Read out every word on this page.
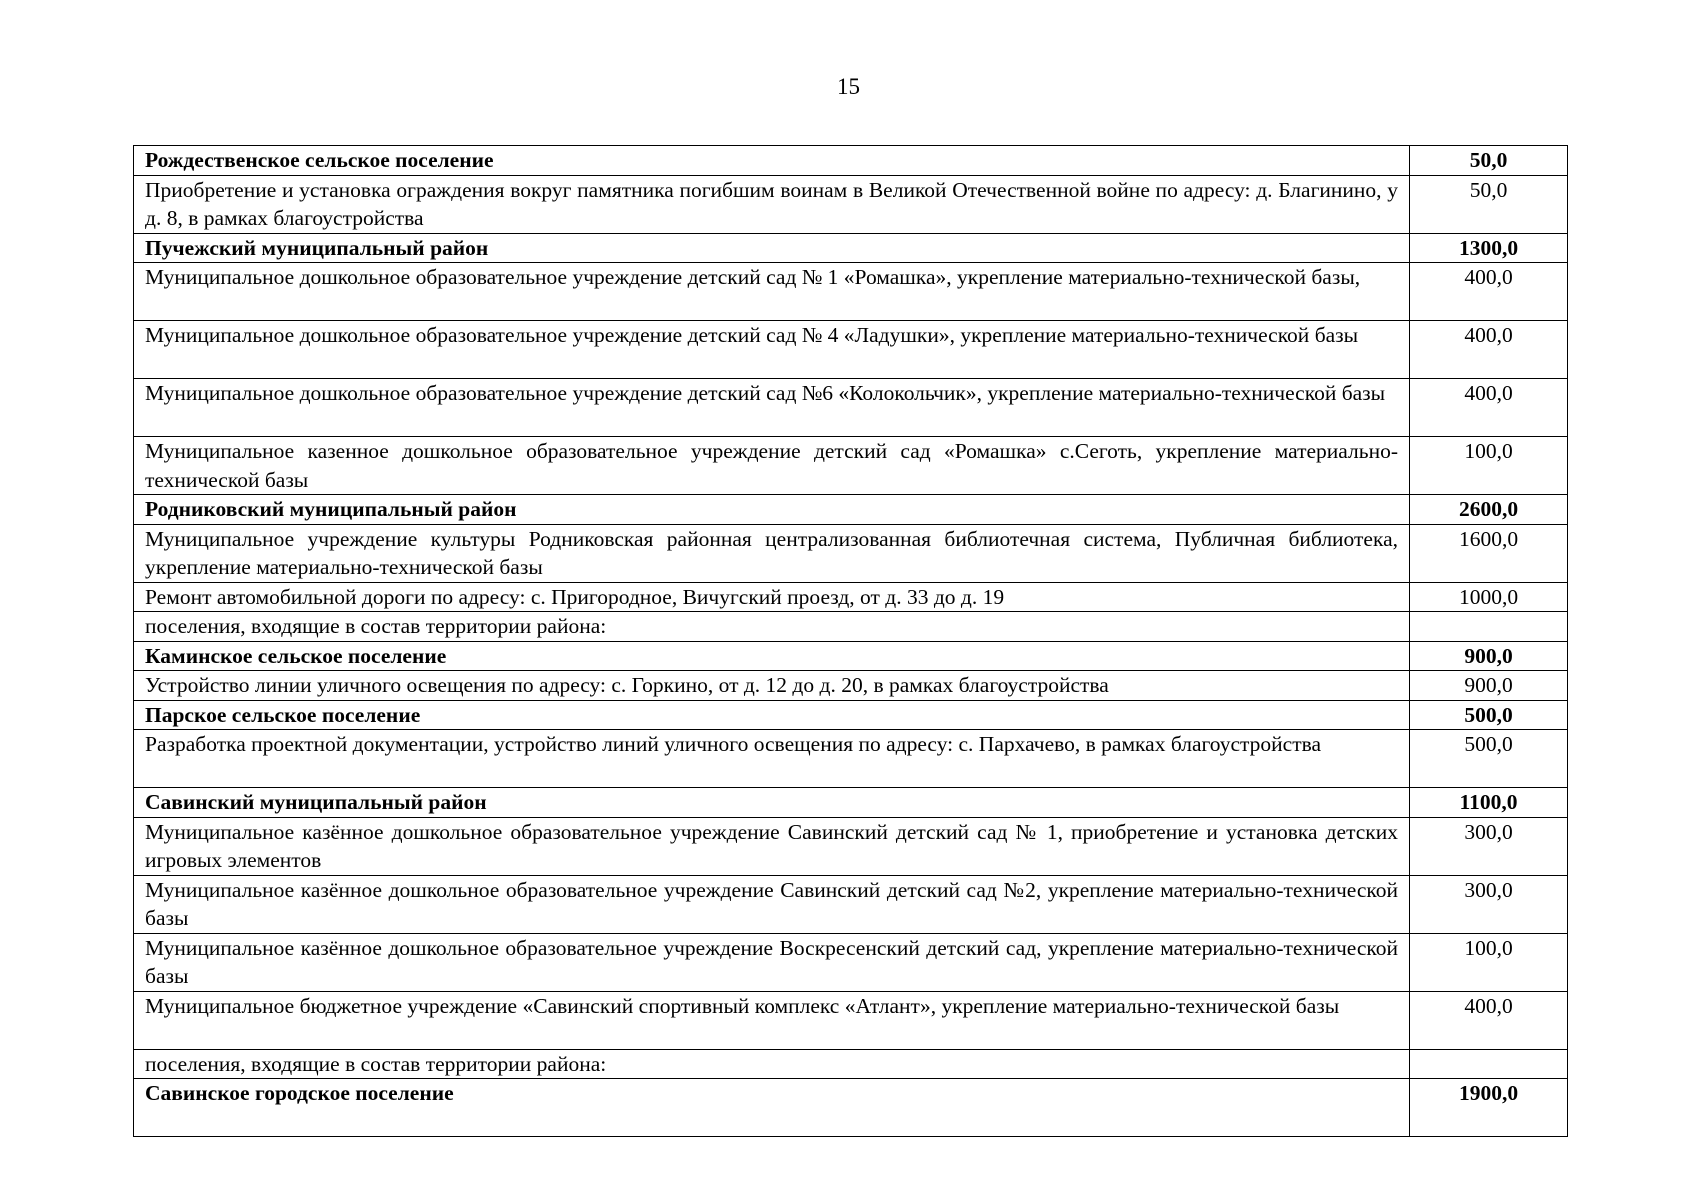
15
Рождественское сельское поселение	50,0
Приобретение и установка ограждения вокруг памятника погибшим воинам в Великой Отечественной войне по адресу: д. Благинино, у д. 8, в рамках благоустройства	50,0
Пучежский муниципальный район	1300,0
Муниципальное дошкольное образовательное учреждение детский сад № 1 «Ромашка», укрепление материально-технической базы,	400,0
Муниципальное дошкольное образовательное учреждение детский сад № 4 «Ладушки», укрепление материально-технической базы	400,0
Муниципальное дошкольное образовательное учреждение детский сад №6 «Колокольчик», укрепление материально-технической базы	400,0
Муниципальное казенное дошкольное образовательное учреждение детский сад «Ромашка» с.Сеготь, укрепление материально-технической базы	100,0
Родниковский муниципальный район	2600,0
Муниципальное учреждение культуры Родниковская районная централизованная библиотечная система, Публичная библиотека, укрепление материально-технической базы	1600,0
Ремонт автомобильной дороги по адресу: с. Пригородное, Вичугский проезд, от д. 33 до д. 19	1000,0
поселения, входящие в состав территории района:	
Каминское сельское поселение	900,0
Устройство линии уличного освещения по адресу: с. Горкино, от д. 12 до д. 20, в рамках благоустройства	900,0
Парское сельское поселение	500,0
Разработка проектной документации, устройство линий уличного освещения по адресу: с. Пархачево, в рамках благоустройства	500,0
Савинский муниципальный район	1100,0
Муниципальное казённое дошкольное образовательное учреждение Савинский детский сад № 1, приобретение и установка детских игровых элементов	300,0
Муниципальное казённое дошкольное образовательное учреждение Савинский детский сад №2, укрепление материально-технической базы	300,0
Муниципальное казённое дошкольное образовательное учреждение Воскресенский детский сад, укрепление материально-технической базы	100,0
Муниципальное бюджетное учреждение «Савинский спортивный комплекс «Атлант», укрепление материально-технической базы	400,0
поселения, входящие в состав территории района:	
Савинское городское поселение	1900,0
